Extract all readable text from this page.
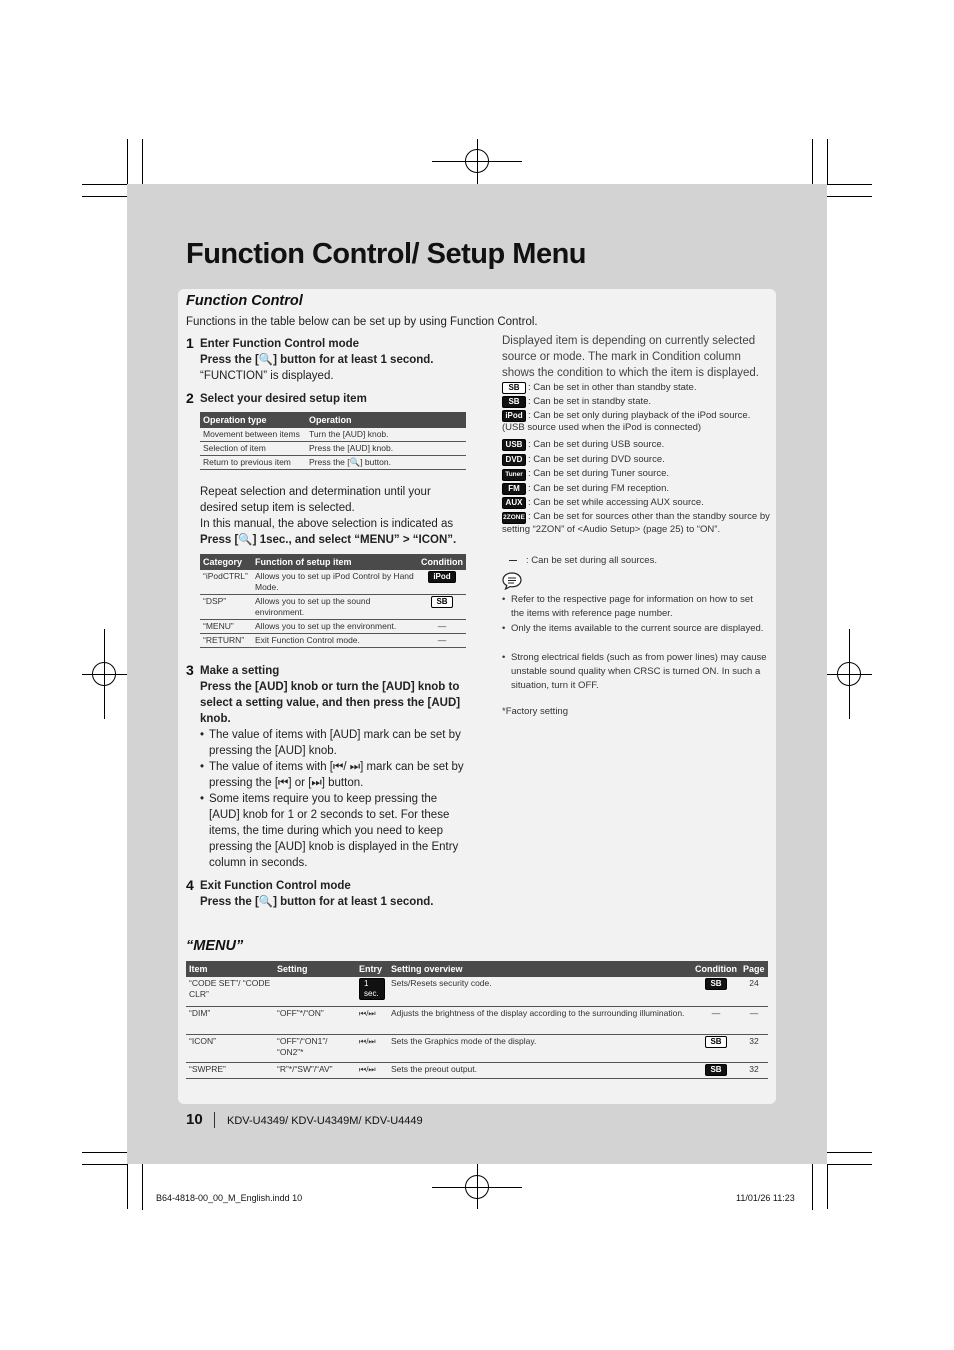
Function Control/ Setup Menu
Function Control
Functions in the table below can be set up by using Function Control.
1 Enter Function Control mode
Press the [🔍] button for at least 1 second.
“FUNCTION” is displayed.
2 Select your desired setup item
Operation type	Operation
Movement between items	Turn the [AUD] knob.
Selection of item	Press the [AUD] knob.
Return to previous item	Press the [🔍] button.
Repeat selection and determination until your desired setup item is selected.
In this manual, the above selection is indicated as
Press [🔍] 1sec., and select “MENU” > “ICON”.
Category	Function of setup item	Condition
“iPodCTRL”	Allows you to set up iPod Control by Hand Mode.	iPod
“DSP”	Allows you to set up the sound environment.	SB
“MENU”	Allows you to set up the environment.	—
“RETURN”	Exit Function Control mode.	—
3 Make a setting
Press the [AUD] knob or turn the [AUD] knob to select a setting value, and then press the [AUD] knob.
• The value of items with [AUD] mark can be set by pressing the [AUD] knob.
• The value of items with [⏮/ ⏭] mark can be set by pressing the [⏮] or [⏭] button.
• Some items require you to keep pressing the [AUD] knob for 1 or 2 seconds to set. For these items, the time during which you need to keep pressing the [AUD] knob is displayed in the Entry column in seconds.
4 Exit Function Control mode
Press the [🔍] button for at least 1 second.
Displayed item is depending on currently selected source or mode. The mark in Condition column shows the condition to which the item is displayed.
SB : Can be set in other than standby state.
SB : Can be set in standby state.
iPod : Can be set only during playback of the iPod source. (USB source used when the iPod is connected)
USB : Can be set during USB source.
DVD : Can be set during DVD source.
Tuner : Can be set during Tuner source.
FM : Can be set during FM reception.
AUX : Can be set while accessing AUX source.
2ZONE : Can be set for sources other than the standby source by setting “2ZON” of <Audio Setup> (page 25) to “ON”.
— : Can be set during all sources.
• Refer to the respective page for information on how to set the items with reference page number.
• Only the items available to the current source are displayed.
• Strong electrical fields (such as from power lines) may cause unstable sound quality when CRSC is turned ON. In such a situation, turn it OFF.
*Factory setting
“MENU”
Item	Setting	Entry	Setting overview	Condition	Page
“CODE SET”/ “CODE CLR”		1 sec.	Sets/Resets security code.	SB	24
“DIM”	“OFF”*/“ON”	⏮/⏭	Adjusts the brightness of the display according to the surrounding illumination.	—	—
“ICON”	“OFF”/“ON1”/ “ON2”*	⏮/⏭	Sets the Graphics mode of the display.	SB	32
“SWPRE”	“R”*/“SW”/“AV”	⏮/⏭	Sets the preout output.	SB	32
10 KDV-U4349/ KDV-U4349M/ KDV-U4449
B64-4818-00_00_M_English.indd 10	11/01/26 11:23
